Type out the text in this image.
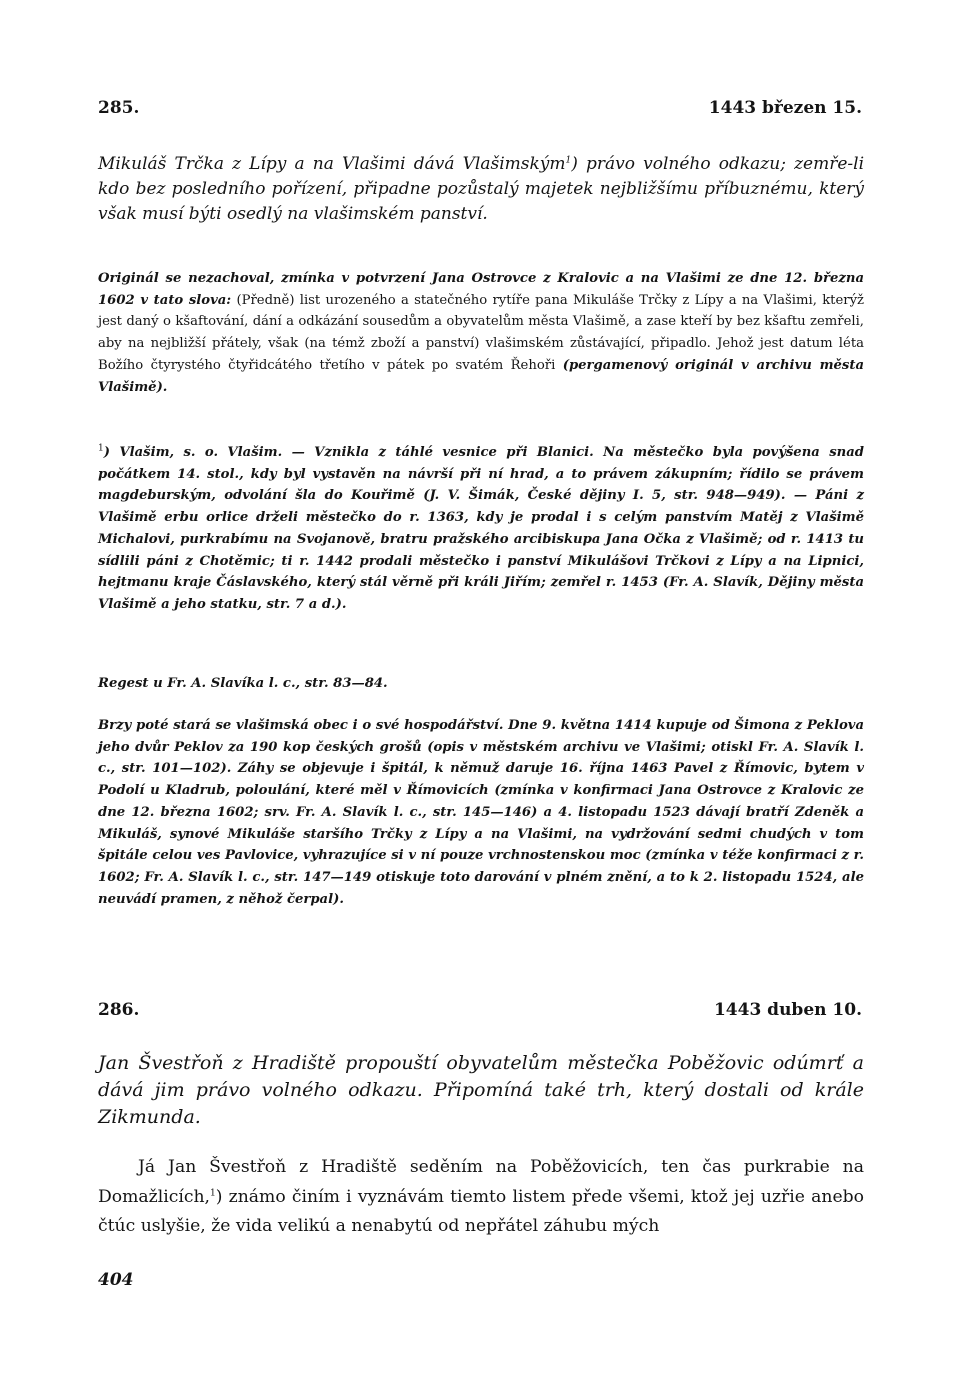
285.	1443 březen 15.
Mikuláš Trčka z Lípy a na Vlašimi dává Vlašimským$^1$) právo volného odkazu; zemře-li kdo bez posledního pořízení, připadne pozůstalý majetek nejbližšímu příbuznému, který však musí býti osedlý na vlašimském panství.
Originál se nezachoval, zmínka v potvrzení Jana Ostrovce z Kralovic a na Vlašimi ze dne 12. března 1602 v tato slova: (Předně) list urozeného a statečného rytíře pana Mikuláše Trčky z Lípy a na Vlašimi, kterýž jest daný o kšaftování, dání a odkázání sousedům a obyvatelům města Vlašimě, a zase kteří by bez kšaftu zemřeli, aby na nejbližší přátely, však (na témž zboží a panství) vlašimském zůstávající, připadlo. Jehož jest datum léta Božího čtyrystého čtyřidcátého třetího v pátek po svatém Řehoři (pergamenový originál v archivu města Vlašimě).
$^1$) Vlašim, s. o. Vlašim. — Vznikla z táhlé vesnice při Blanici. Na městečko byla povýšena snad počátkem 14. stol., kdy byl vystavěn na návrší při ní hrad, a to právem zákupním; řídilo se právem magdeburským, odvolání šla do Kouřimě (J. V. Šimák, České dějiny I. 5, str. 948—949). — Páni z Vlašimě erbu orlice drželi městečko do r. 1363, kdy je prodal i s celým panstvím Matěj z Vlašimě Michalovi, purkrabímu na Svojanově, bratru pražského arcibiskupa Jana Očka z Vlašimě; od r. 1413 tu sídlili páni z Chotěmic; ti r. 1442 prodali městečko i panství Mikulášovi Trčkovi z Lípy a na Lipnici, hejtmanu kraje Čáslavského, který stál věrně při králi Jiřím; zemřel r. 1453 (Fr. A. Slavík, Dějiny města Vlašimě a jeho statku, str. 7 a d.).
Regest u Fr. A. Slavíka l. c., str. 83—84.
Brzy poté stará se vlašimská obec i o své hospodářství. Dne 9. května 1414 kupuje od Šimona z Peklova jeho dvůr Peklov za 190 kop českých grošů (opis v městském archivu ve Vlašimi; otiskl Fr. A. Slavík l. c., str. 101—102). Záhy se objevuje i špitál, k němuž daruje 16. října 1463 Pavel z Římovic, bytem v Podolí u Kladrub, poloulání, které měl v Římovicích (zmínka v konfirmaci Jana Ostrovce z Kralovic ze dne 12. března 1602; srv. Fr. A. Slavík l. c., str. 145—146) a 4. listopadu 1523 dávají bratří Zdeněk a Mikuláš, synové Mikuláše staršího Trčky z Lípy a na Vlašimi, na vydržování sedmi chudých v tom špitále celou ves Pavlovice, vyhrazujíce si v ní pouze vrchnostenskou moc (zmínka v téže konfirmaci z r. 1602; Fr. A. Slavík l. c., str. 147—149 otiskuje toto darování v plném znění, a to k 2. listopadu 1524, ale neuvádí pramen, z něhož čerpal).
286.	1443 duben 10.
Jan Švestřoň z Hradiště propouští obyvatelům městečka Poběžovic odúmrť a dává jim právo volného odkazu. Připomíná také trh, který dostali od krále Zikmunda.
Já Jan Švestřoň z Hradiště seděním na Poběžovicích, ten čas purkrabie na Domažlicích,$^1$) známo činím i vyznávám tiemto listem přede všemi, ktož jej uzřie anebo čtúc uslyšie, že vida velikú a nenabytú od nepřátel záhubu mých
404
